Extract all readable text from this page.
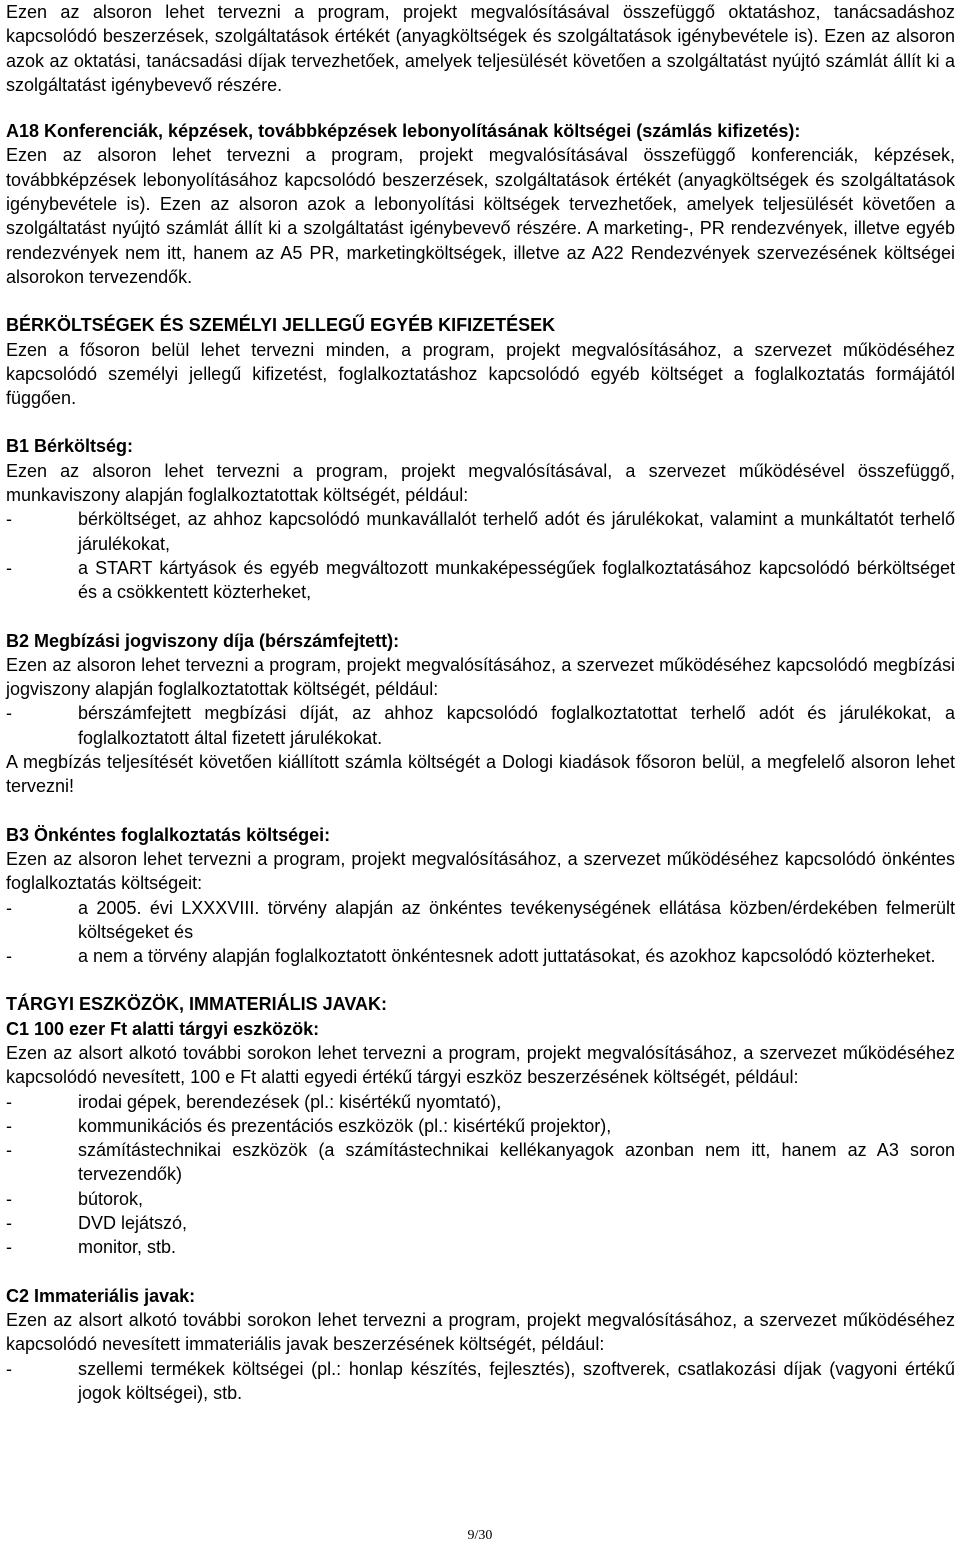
Ezen az alsoron lehet tervezni a program, projekt megvalósításával összefüggő oktatáshoz, tanácsadáshoz kapcsolódó beszerzések, szolgáltatások értékét (anyagköltségek és szolgáltatások igénybevétele is). Ezen az alsoron azok az oktatási, tanácsadási díjak tervezhetőek, amelyek teljesülését követően a szolgáltatást nyújtó számlát állít ki a szolgáltatást igénybevevő részére.

A18 Konferenciák, képzések, továbbképzések lebonyolításának költségei (számlás kifizetés):

Ezen az alsoron lehet tervezni a program, projekt megvalósításával összefüggő konferenciák, képzések, továbbképzések lebonyolításához kapcsolódó beszerzések, szolgáltatások értékét (anyagköltségek és szolgáltatások igénybevétele is). Ezen az alsoron azok a lebonyolítási költségek tervezhetőek, amelyek teljesülését követően a szolgáltatást nyújtó számlát állít ki a szolgáltatást igénybevevő részére. A marketing-, PR rendezvények, illetve egyéb rendezvények nem itt, hanem az A5 PR, marketingköltségek, illetve az A22 Rendezvények szervezésének költségei alsorokon tervezendők.

BÉRKÖLTSÉGEK ÉS SZEMÉLYI JELLEGŰ EGYÉB KIFIZETÉSEK

Ezen a fősoron belül lehet tervezni minden, a program, projekt megvalósításához, a szervezet működéséhez kapcsolódó személyi jellegű kifizetést, foglalkoztatáshoz kapcsolódó egyéb költséget a foglalkoztatás formájától függően.

B1 Bérköltség:

Ezen az alsoron lehet tervezni a program, projekt megvalósításával, a szervezet működésével összefüggő, munkaviszony alapján foglalkoztatottak költségét, például:

-	bérköltséget, az ahhoz kapcsolódó munkavállalót terhelő adót és járulékokat, valamint a munkáltatót terhelő járulékokat,
-	a START kártyások és egyéb megváltozott munkaképességűek foglalkoztatásához kapcsolódó bérköltséget és a csökkentett közterheket,

B2 Megbízási jogviszony díja (bérszámfejtett):

Ezen az alsoron lehet tervezni a program, projekt megvalósításához, a szervezet működéséhez kapcsolódó megbízási jogviszony alapján foglalkoztatottak költségét, például:

-	bérszámfejtett megbízási díját, az ahhoz kapcsolódó foglalkoztatottat terhelő adót és járulékokat, a foglalkoztatott által fizetett járulékokat.

A megbízás teljesítését követően kiállított számla költségét a Dologi kiadások fősoron belül, a megfelelő alsoron lehet tervezni!

B3 Önkéntes foglalkoztatás költségei:

Ezen az alsoron lehet tervezni a program, projekt megvalósításához, a szervezet működéséhez kapcsolódó önkéntes foglalkoztatás költségeit:

-	a 2005. évi LXXXVIII. törvény alapján az önkéntes tevékenységének ellátása közben/érdekében felmerült költségeket és
-	a nem a törvény alapján foglalkoztatott önkéntesnek adott juttatásokat, és azokhoz kapcsolódó közterheket.

TÁRGYI ESZKÖZÖK, IMMATERIÁLIS JAVAK:

C1 100 ezer Ft alatti tárgyi eszközök:

Ezen az alsort alkotó további sorokon lehet tervezni a program, projekt megvalósításához, a szervezet működéséhez kapcsolódó nevesített, 100 e Ft alatti egyedi értékű tárgyi eszköz beszerzésének költségét, például:

-	irodai gépek, berendezések (pl.: kisértékű nyomtató),
-	kommunikációs és prezentációs eszközök (pl.: kisértékű projektor),
-	számítástechnikai eszközök (a számítástechnikai kellékanyagok azonban nem itt, hanem az A3 soron tervezendők)
-	bútorok,
-	DVD lejátszó,
-	monitor, stb.

C2 Immateriális javak:

Ezen az alsort alkotó további sorokon lehet tervezni a program, projekt megvalósításához, a szervezet működéséhez kapcsolódó nevesített immateriális javak beszerzésének költségét, például:

-	szellemi termékek költségei (pl.: honlap készítés, fejlesztés), szoftverek, csatlakozási díjak (vagyoni értékű jogok költségei), stb.
9/30
